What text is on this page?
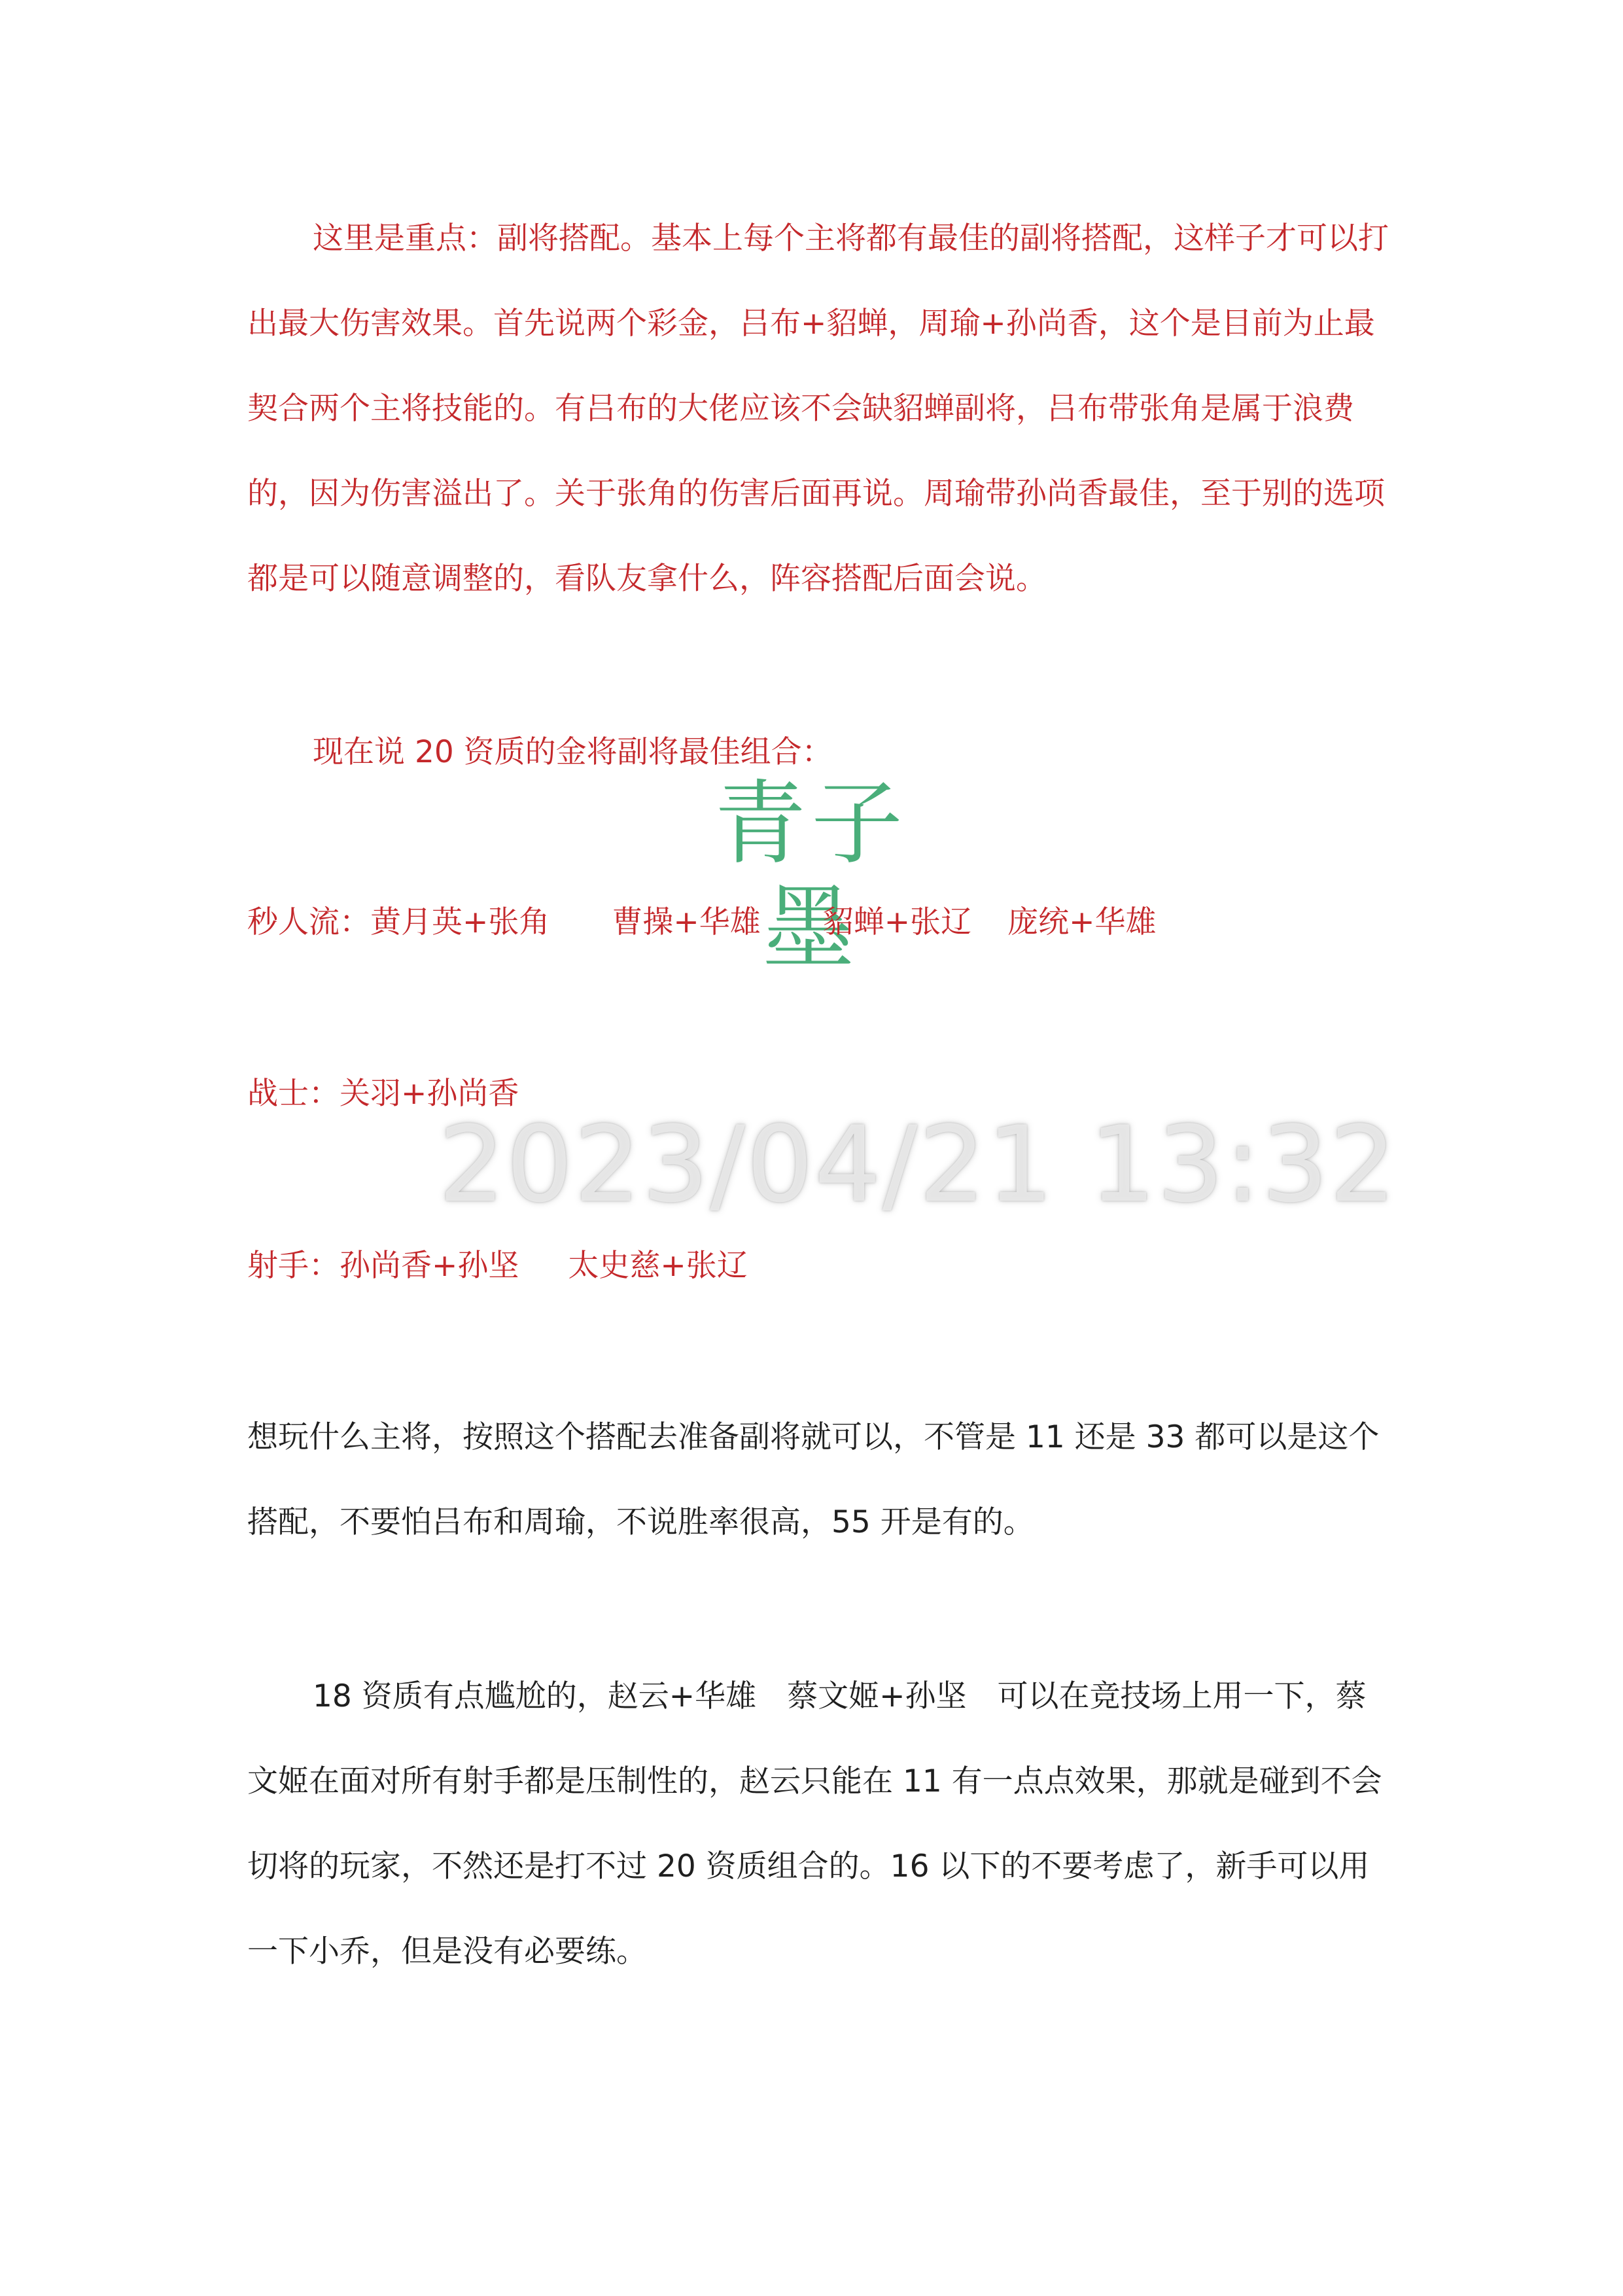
这里是重点：副将搭配。基本上每个主将都有最佳的副将搭配，这样子才可以打出最大伤害效果。首先说两个彩金，吕布+貂蝉，周瑜+孙尚香，这个是目前为止最契合两个主将技能的。有吕布的大佬应该不会缺貂蝉副将，吕布带张角是属于浪费的，因为伤害溢出了。关于张角的伤害后面再说。周瑜带孙尚香最佳，至于别的选项都是可以随意调整的，看队友拿什么，阵容搭配后面会说。

现在说 20 资质的金将副将最佳组合：

青子墨
秒人流：黄月英+张角 曹操+华雄 貂蝉+张辽 庞统+华雄
战士：关羽+孙尚香
2023/04/21 13:32
射手：孙尚香+孙坚 太史慈+张辽

想玩什么主将，按照这个搭配去准备副将就可以，不管是 11 还是 33 都可以是这个搭配，不要怕吕布和周瑜，不说胜率很高，55 开是有的。

18 资质有点尴尬的，赵云+华雄　蔡文姬+孙坚　可以在竞技场上用一下，蔡文姬在面对所有射手都是压制性的，赵云只能在 11 有一点点效果，那就是碰到不会切将的玩家，不然还是打不过 20 资质组合的。16 以下的不要考虑了，新手可以用一下小乔，但是没有必要练。
